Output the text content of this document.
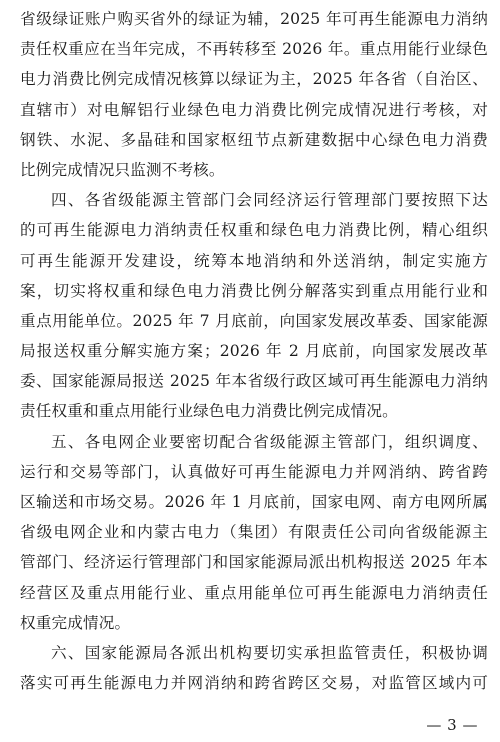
省级绿证账户购买省外的绿证为辅，2025 年可再生能源电力消纳
责任权重应在当年完成，不再转移至 2026 年。重点用能行业绿色
电力消费比例完成情况核算以绿证为主，2025 年各省（自治区、
直辖市）对电解铝行业绿色电力消费比例完成情况进行考核，对
钢铁、水泥、多晶硅和国家枢纽节点新建数据中心绿色电力消费
比例完成情况只监测不考核。
四、各省级能源主管部门会同经济运行管理部门要按照下达
的可再生能源电力消纳责任权重和绿色电力消费比例，精心组织
可再生能源开发建设，统筹本地消纳和外送消纳，制定实施方
案，切实将权重和绿色电力消费比例分解落实到重点用能行业和
重点用能单位。2025 年 7 月底前，向国家发展改革委、国家能源
局报送权重分解实施方案；2026 年 2 月底前，向国家发展改革
委、国家能源局报送 2025 年本省级行政区域可再生能源电力消纳
责任权重和重点用能行业绿色电力消费比例完成情况。
五、各电网企业要密切配合省级能源主管部门，组织调度、
运行和交易等部门，认真做好可再生能源电力并网消纳、跨省跨
区输送和市场交易。2026 年 1 月底前，国家电网、南方电网所属
省级电网企业和内蒙古电力（集团）有限责任公司向省级能源主
管部门、经济运行管理部门和国家能源局派出机构报送 2025 年本
经营区及重点用能行业、重点用能单位可再生能源电力消纳责任
权重完成情况。
六、国家能源局各派出机构要切实承担监管责任，积极协调
落实可再生能源电力并网消纳和跨省跨区交易，对监管区域内可
— 3 —
